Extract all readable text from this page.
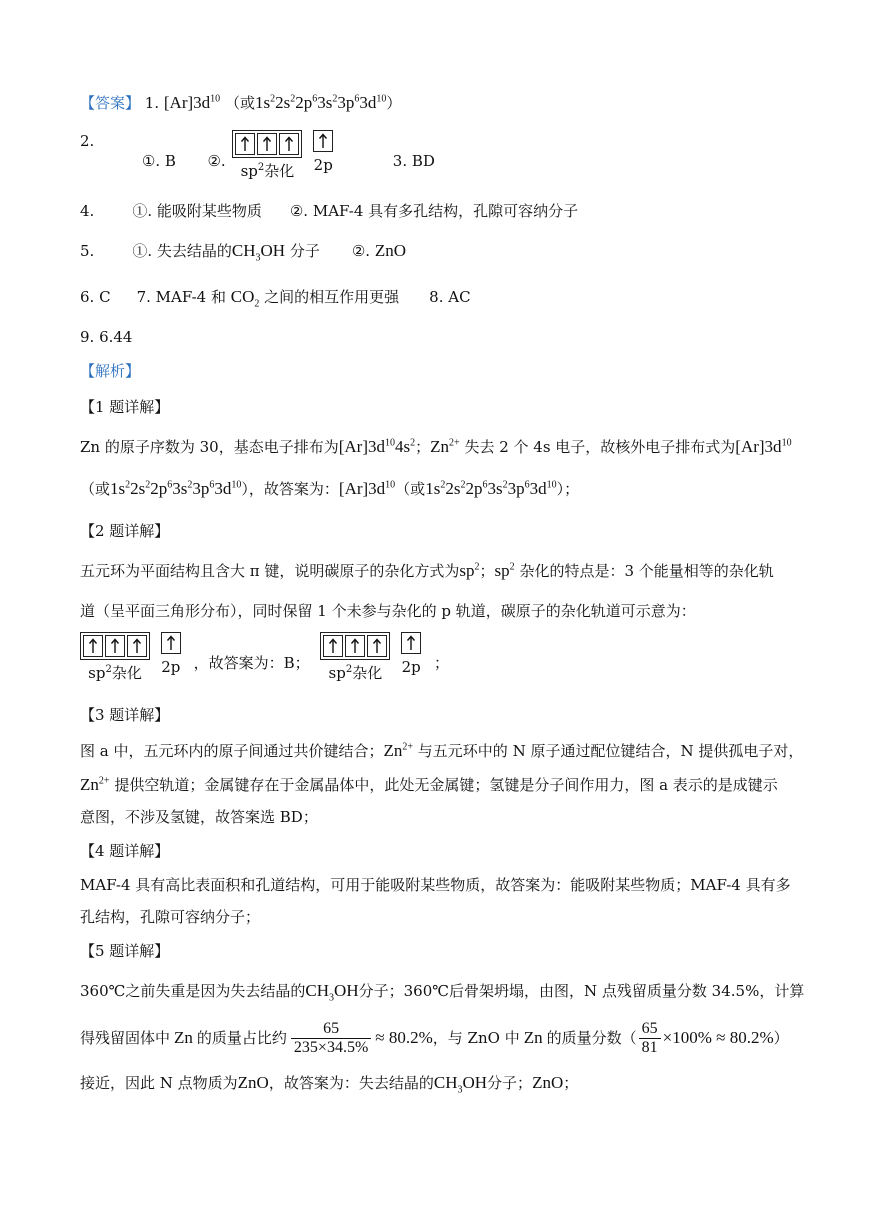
【答案】 1. $[Ar]3d^{10}$ （或$1s^22s^22p^63s^23p^63d^{10}$）
2.  ①. B ②.
$sp^2$杂化
	2p	3. BD
4.	①. 能吸附某些物质 ②. MAF-4 具有多孔结构，孔隙可容纳分子
5.	①. 失去结晶的$CH_3OH$ 分子 ②. ZnO
6. C 7. MAF-4 和 $CO_2$ 之间的相互作用更强 8. AC
9. 6.44
【解析】
【1 题详解】
Zn 的原子序数为 30，基态电子排布为$[Ar]3d^{10}4s^2$；$Zn^{2+}$ 失去 2 个 4s 电子，故核外电子排布式为$[Ar]3d^{10}$
（或$1s^22s^22p^63s^23p^63d^{10}$），故答案为：$[Ar]3d^{10}$（或$1s^22s^22p^63s^23p^63d^{10}$）；
【2 题详解】
五元环为平面结构且含大 π 键，说明碳原子的杂化方式为$sp^2$；$sp^2$ 杂化的特点是：3 个能量相等的杂化轨
道（呈平面三角形分布），同时保留 1 个未参与杂化的 p 轨道，碳原子的杂化轨道可示意为：
$sp^2$杂化
	2p ，故答案为：B；
$sp^2$杂化
	2p ；
【3 题详解】
图 a 中，五元环内的原子间通过共价键结合；$Zn^{2+}$ 与五元环中的 N 原子通过配位键结合，N 提供孤电子对，
$Zn^{2+}$ 提供空轨道；金属键存在于金属晶体中，此处无金属键；氢键是分子间作用力，图 a 表示的是成键示
意图，不涉及氢键，故答案选 BD；
【4 题详解】
MAF-4 具有高比表面积和孔道结构，可用于能吸附某些物质，故答案为：能吸附某些物质；MAF-4 具有多
孔结构，孔隙可容纳分子；
【5 题详解】
360℃之前失重是因为失去结晶的$CH_3OH$分子；360℃后骨架坍塌，由图，N 点残留质量分数 34.5%，计算
得残留固体中 Zn 的质量占比约 $\frac{65}{235\times 34.5\%} \approx 80.2\%$ ，与 ZnO 中 Zn 的质量分数（ $\frac{65}{81} \times 100\% \approx 80.2\%$ ）
接近，因此 N 点物质为ZnO，故答案为：失去结晶的$CH_3OH$分子；ZnO；
